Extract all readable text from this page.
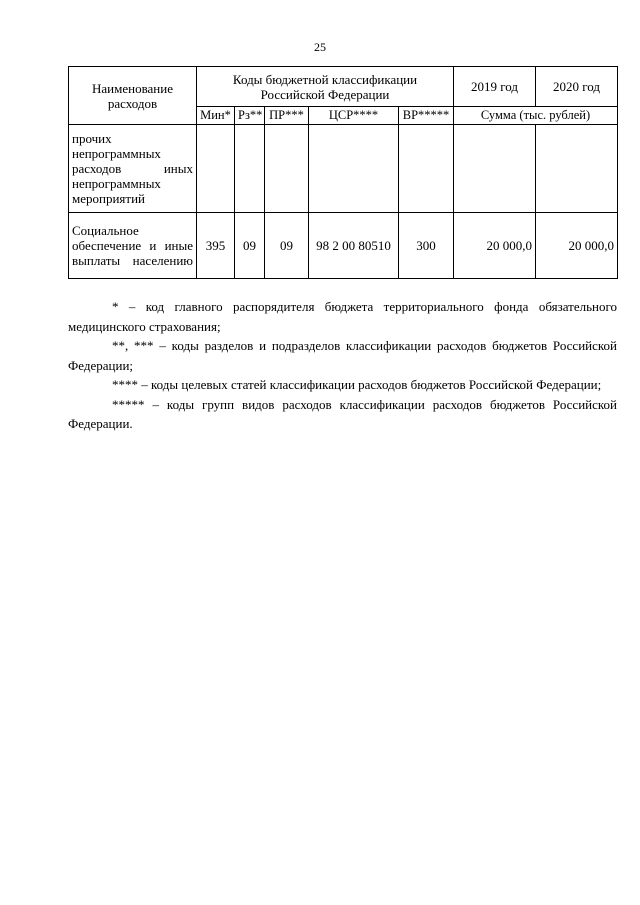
25
Наименование расходов	Коды бюджетной классификации Российской Федерации					2019 год	2020 год
	Мин*	Рз**	ПР***	ЦСР****	ВР*****	Сумма (тыс. рублей)	
прочих непрограммных расходов иных непрограммных мероприятий							
Социальное обеспечение и иные выплаты населению	395	09	09	98 2 00 80510	300	20 000,0	20 000,0

* – код главного распорядителя бюджета территориального фонда обязательного медицинского страхования;

**, *** – коды разделов и подразделов классификации расходов бюджетов Российской Федерации;

**** – коды целевых статей классификации расходов бюджетов Российской Федерации;

***** – коды групп видов расходов классификации расходов бюджетов Российской Федерации.
